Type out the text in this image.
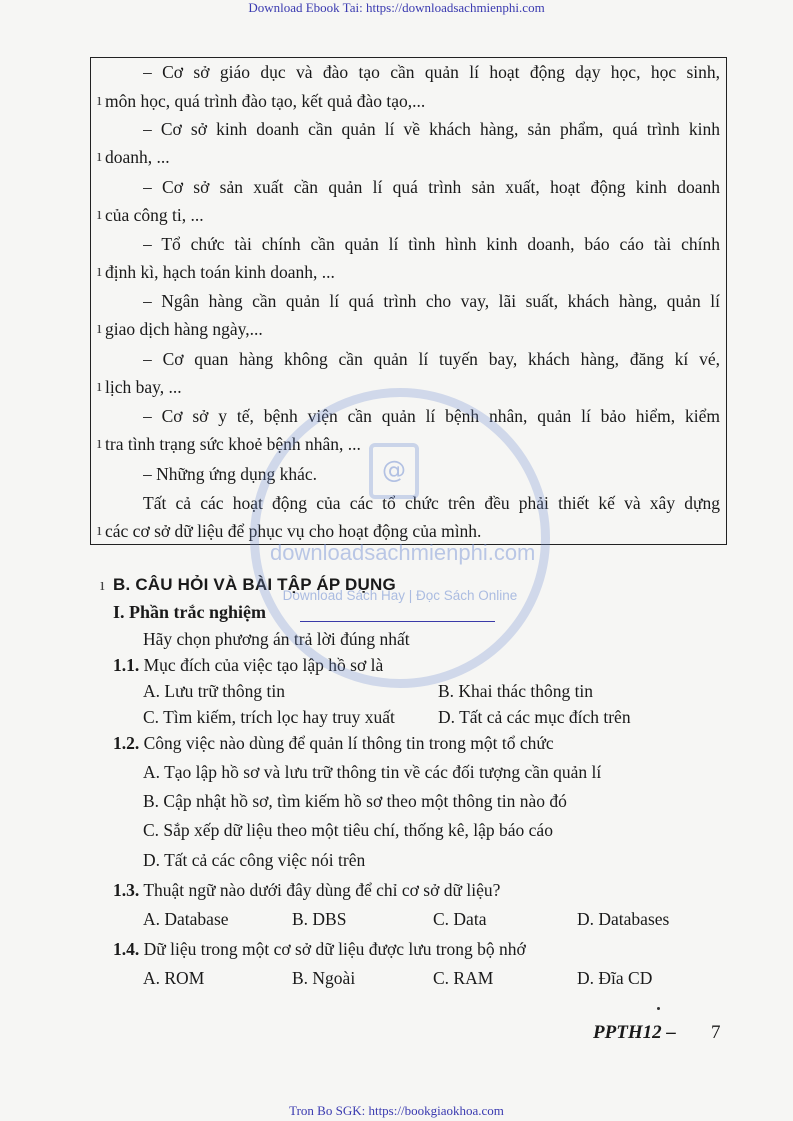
Download Ebook Tai: https://downloadsachmienphi.com
– Cơ sở giáo dục và đào tạo cần quản lí hoạt động dạy học, học sinh,
môn học, quá trình đào tạo, kết quả đào tạo,...
– Cơ sở kinh doanh cần quản lí về khách hàng, sản phẩm, quá trình kinh
doanh, ...
– Cơ sở sản xuất cần quản lí quá trình sản xuất, hoạt động kinh doanh
của công ti, ...
– Tổ chức tài chính cần quản lí tình hình kinh doanh, báo cáo tài chính
định kì, hạch toán kinh doanh, ...
– Ngân hàng cần quản lí quá trình cho vay, lãi suất, khách hàng, quản lí
giao dịch hàng ngày,...
– Cơ quan hàng không cần quản lí tuyến bay, khách hàng, đăng kí vé,
lịch bay, ...
– Cơ sở y tế, bệnh viện cần quản lí bệnh nhân, quản lí bảo hiểm, kiểm
tra tình trạng sức khoẻ bệnh nhân, ...
– Những ứng dụng khác.
Tất cả các hoạt động của các tổ chức trên đều phải thiết kế và xây dựng
các cơ sở dữ liệu để phục vụ cho hoạt động của mình.
ı
ı
ı
ı
ı
ı
ı
ı
ı B. CÂU HỎI VÀ BÀI TẬP ÁP DỤNG
I. Phần trắc nghiệm
Hãy chọn phương án trả lời đúng nhất
1.1. Mục đích của việc tạo lập hồ sơ là
A. Lưu trữ thông tin	B. Khai thác thông tin
C. Tìm kiếm, trích lọc hay truy xuất D. Tất cả các mục đích trên
1.2. Công việc nào dùng để quản lí thông tin trong một tổ chức
A. Tạo lập hồ sơ và lưu trữ thông tin về các đối tượng cần quản lí
B. Cập nhật hồ sơ, tìm kiếm hồ sơ theo một thông tin nào đó
C. Sắp xếp dữ liệu theo một tiêu chí, thống kê, lập báo cáo
D. Tất cả các công việc nói trên
1.3. Thuật ngữ nào dưới đây dùng để chỉ cơ sở dữ liệu?
A. Database	B. DBS	C. Data	D. Databases
1.4. Dữ liệu trong một cơ sở dữ liệu được lưu trong bộ nhớ
A. ROM	B. Ngoài	C. RAM	D. Đĩa CD
PPTH12 – 7
Tron Bo SGK: https://bookgiaokhoa.com
@
downloadsachmienphi.com
Download Sách Hay | Đọc Sách Online
